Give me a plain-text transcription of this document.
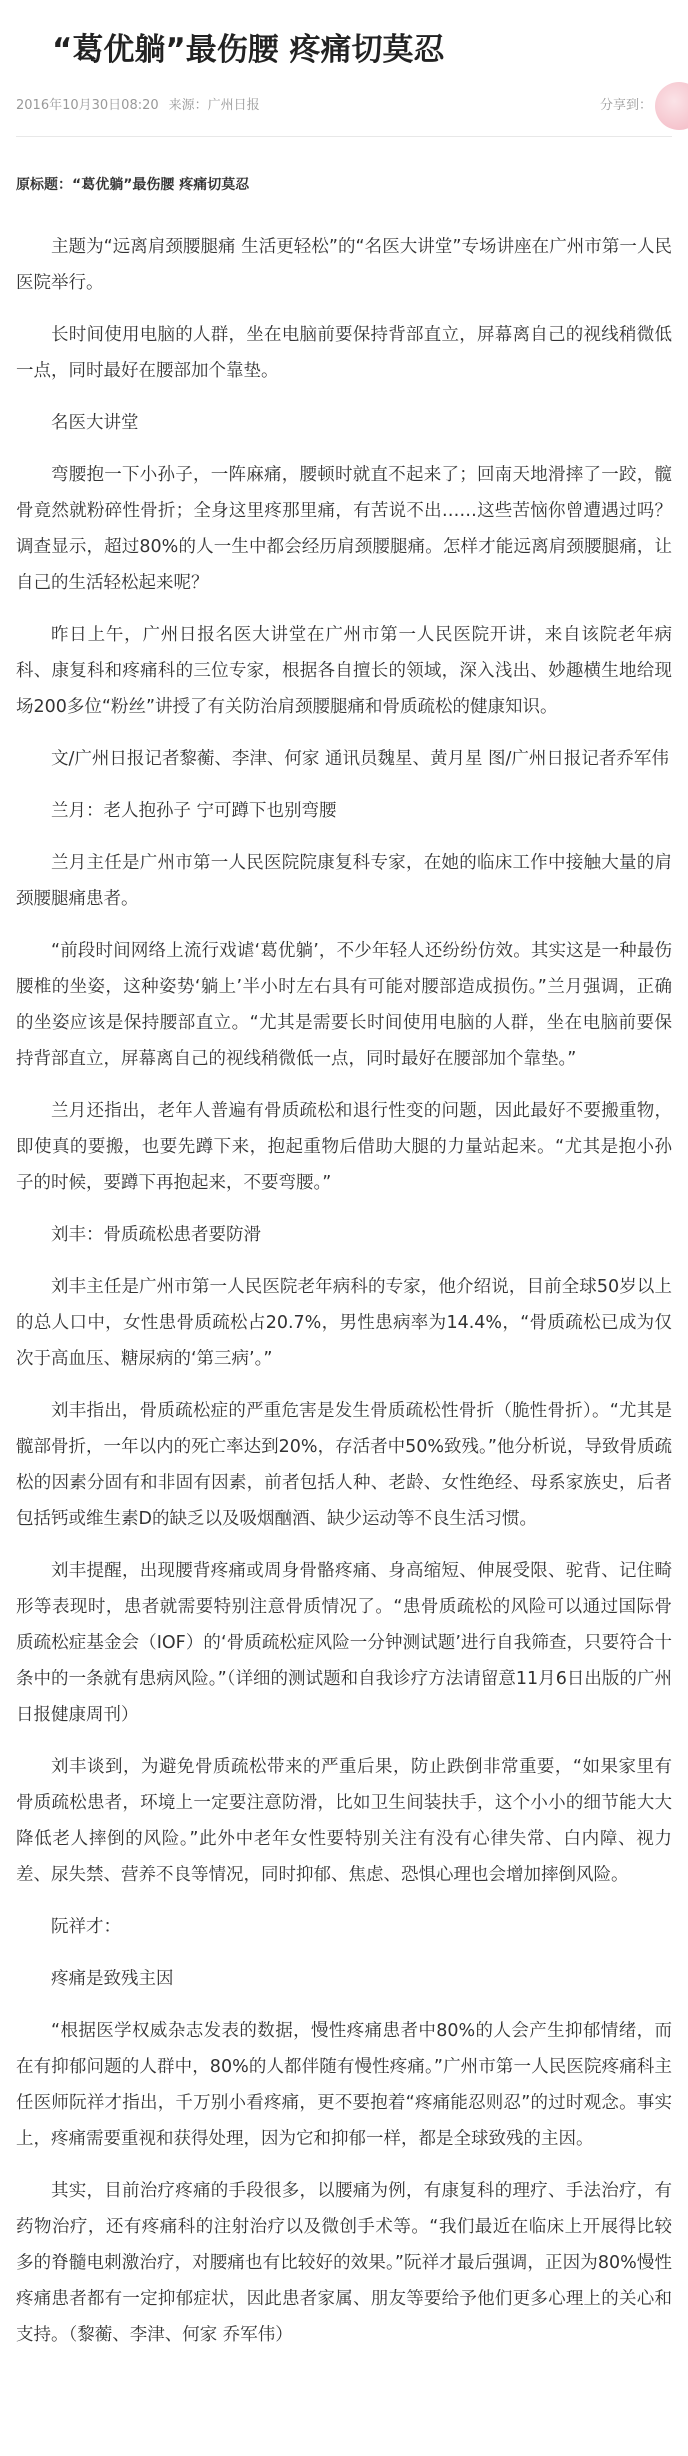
“葛优躺”最伤腰 疼痛切莫忍
2016年10月30日08:20 来源：广州日报	分享到：
原标题：“葛优躺”最伤腰 疼痛切莫忍

主题为“远离肩颈腰腿痛 生活更轻松”的“名医大讲堂”专场讲座在广州市第一人民医院举行。

长时间使用电脑的人群，坐在电脑前要保持背部直立，屏幕离自己的视线稍微低一点，同时最好在腰部加个靠垫。

名医大讲堂

弯腰抱一下小孙子，一阵麻痛，腰顿时就直不起来了；回南天地滑摔了一跤，髋骨竟然就粉碎性骨折；全身这里疼那里痛，有苦说不出……这些苦恼你曾遭遇过吗？调查显示，超过80%的人一生中都会经历肩颈腰腿痛。怎样才能远离肩颈腰腿痛，让自己的生活轻松起来呢？

昨日上午，广州日报名医大讲堂在广州市第一人民医院开讲，来自该院老年病科、康复科和疼痛科的三位专家，根据各自擅长的领域，深入浅出、妙趣横生地给现场200多位“粉丝”讲授了有关防治肩颈腰腿痛和骨质疏松的健康知识。

文/广州日报记者黎蘅、李津、何家 通讯员魏星、黄月星 图/广州日报记者乔军伟

兰月：老人抱孙子 宁可蹲下也别弯腰

兰月主任是广州市第一人民医院院康复科专家，在她的临床工作中接触大量的肩颈腰腿痛患者。

“前段时间网络上流行戏谑‘葛优躺’，不少年轻人还纷纷仿效。其实这是一种最伤腰椎的坐姿，这种姿势‘躺上’半小时左右具有可能对腰部造成损伤。”兰月强调，正确的坐姿应该是保持腰部直立。“尤其是需要长时间使用电脑的人群，坐在电脑前要保持背部直立，屏幕离自己的视线稍微低一点，同时最好在腰部加个靠垫。”

兰月还指出，老年人普遍有骨质疏松和退行性变的问题，因此最好不要搬重物，即使真的要搬，也要先蹲下来，抱起重物后借助大腿的力量站起来。“尤其是抱小孙子的时候，要蹲下再抱起来，不要弯腰。”

刘丰：骨质疏松患者要防滑

刘丰主任是广州市第一人民医院老年病科的专家，他介绍说，目前全球50岁以上的总人口中，女性患骨质疏松占20.7%，男性患病率为14.4%，“骨质疏松已成为仅次于高血压、糖尿病的‘第三病’。”

刘丰指出，骨质疏松症的严重危害是发生骨质疏松性骨折（脆性骨折）。“尤其是髋部骨折，一年以内的死亡率达到20%，存活者中50%致残。”他分析说，导致骨质疏松的因素分固有和非固有因素，前者包括人种、老龄、女性绝经、母系家族史，后者包括钙或维生素D的缺乏以及吸烟酗酒、缺少运动等不良生活习惯。

刘丰提醒，出现腰背疼痛或周身骨骼疼痛、身高缩短、伸展受限、驼背、记住畸形等表现时，患者就需要特别注意骨质情况了。“患骨质疏松的风险可以通过国际骨质疏松症基金会（IOF）的‘骨质疏松症风险一分钟测试题’进行自我筛查，只要符合十条中的一条就有患病风险。”（详细的测试题和自我诊疗方法请留意11月6日出版的广州日报健康周刊）

刘丰谈到，为避免骨质疏松带来的严重后果，防止跌倒非常重要，“如果家里有骨质疏松患者，环境上一定要注意防滑，比如卫生间装扶手，这个小小的细节能大大降低老人摔倒的风险。”此外中老年女性要特别关注有没有心律失常、白内障、视力差、尿失禁、营养不良等情况，同时抑郁、焦虑、恐惧心理也会增加摔倒风险。

阮祥才：

疼痛是致残主因

“根据医学权威杂志发表的数据，慢性疼痛患者中80%的人会产生抑郁情绪，而在有抑郁问题的人群中，80%的人都伴随有慢性疼痛。”广州市第一人民医院疼痛科主任医师阮祥才指出，千万别小看疼痛，更不要抱着“疼痛能忍则忍”的过时观念。事实上，疼痛需要重视和获得处理，因为它和抑郁一样，都是全球致残的主因。

其实，目前治疗疼痛的手段很多，以腰痛为例，有康复科的理疗、手法治疗，有药物治疗，还有疼痛科的注射治疗以及微创手术等。“我们最近在临床上开展得比较多的脊髓电刺激治疗，对腰痛也有比较好的效果。”阮祥才最后强调，正因为80%慢性疼痛患者都有一定抑郁症状，因此患者家属、朋友等要给予他们更多心理上的关心和支持。（黎蘅、李津、何家 乔军伟）
